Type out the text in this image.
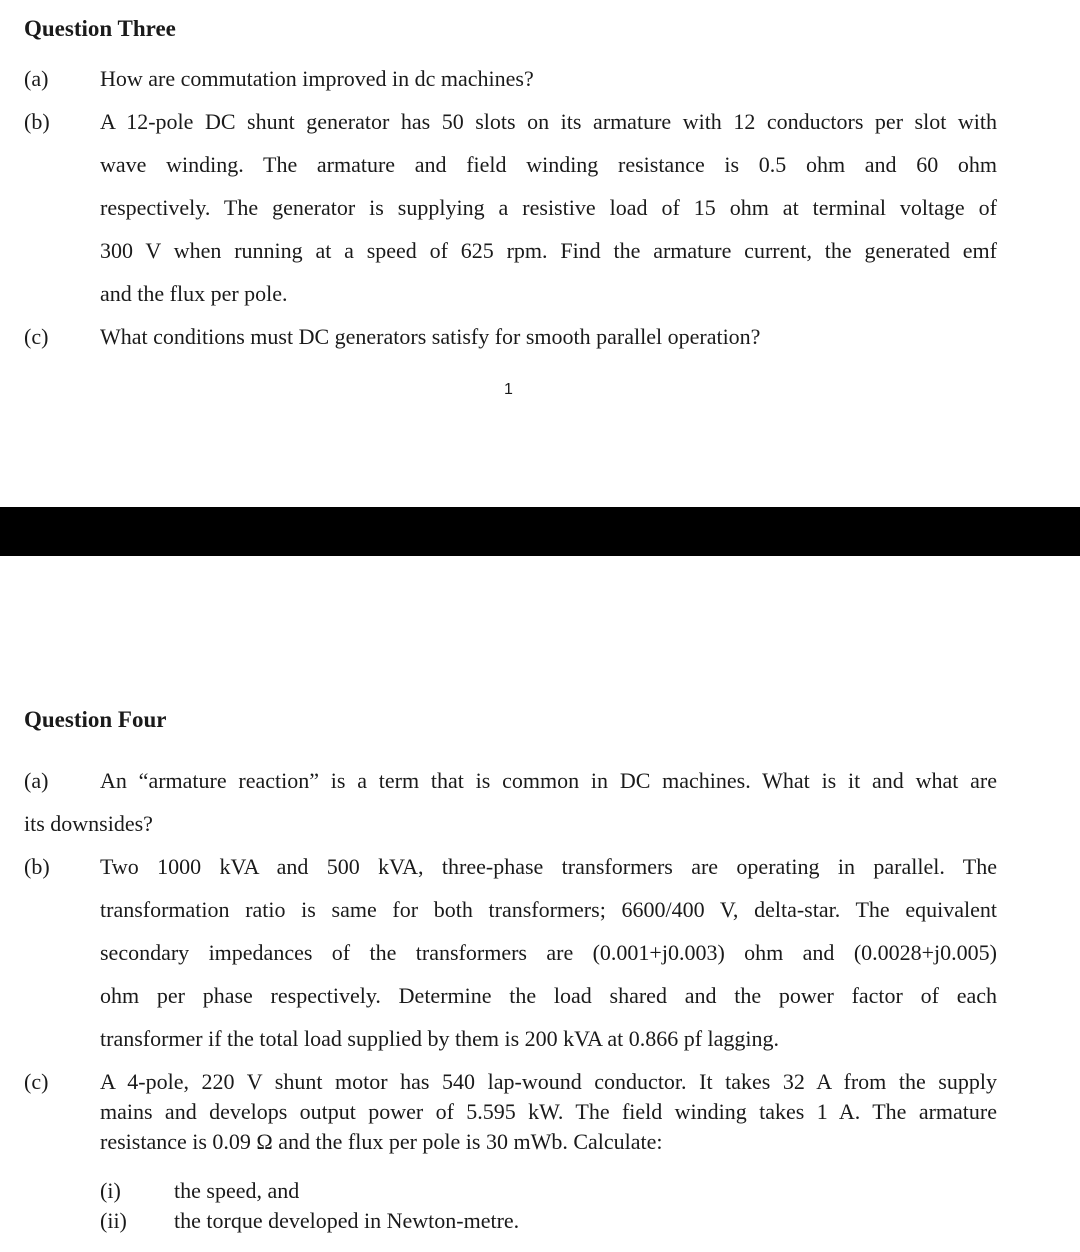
Question Three
(a) How are commutation improved in dc machines?
(b) A 12-pole DC shunt generator has 50 slots on its armature with 12 conductors per slot with
wave winding. The armature and field winding resistance is 0.5 ohm and 60 ohm
respectively. The generator is supplying a resistive load of 15 ohm at terminal voltage of
300 V when running at a speed of 625 rpm. Find the armature current, the generated emf
and the flux per pole.
(c) What conditions must DC generators satisfy for smooth parallel operation?
1
Question Four
(a) An “armature reaction” is a term that is common in DC machines. What is it and what are
its downsides?
(b) Two 1000 kVA and 500 kVA, three-phase transformers are operating in parallel. The
transformation ratio is same for both transformers; 6600/400 V, delta-star. The equivalent
secondary impedances of the transformers are (0.001+j0.003) ohm and (0.0028+j0.005)
ohm per phase respectively. Determine the load shared and the power factor of each
transformer if the total load supplied by them is 200 kVA at 0.866 pf lagging.
(c) A 4-pole, 220 V shunt motor has 540 lap-wound conductor. It takes 32 A from the supply
mains and develops output power of 5.595 kW. The field winding takes 1 A. The armature
resistance is 0.09 Ω and the flux per pole is 30 mWb. Calculate:
(i) the speed, and
(ii) the torque developed in Newton-metre.
